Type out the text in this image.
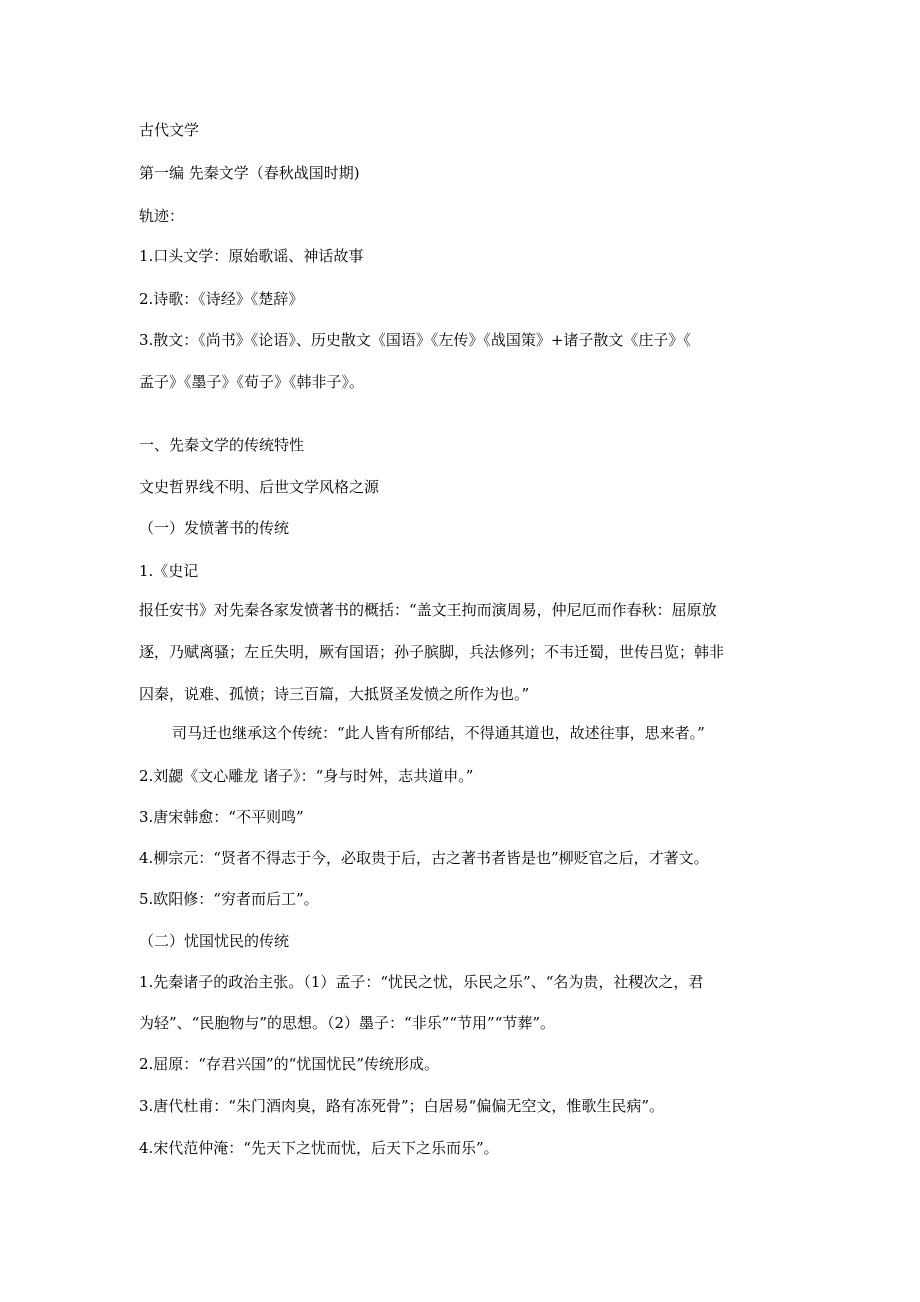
古代文学
第一编 先秦文学（春秋战国时期)
轨迹：
1.口头文学：原始歌谣、神话故事
2.诗歌：《诗经》《楚辞》
3.散文：《尚书》《论语》、历史散文《国语》《左传》《战国策》+诸子散文《庄子》《
孟子》《墨子》《荀子》《韩非子》。
一、先秦文学的传统特性
文史哲界线不明、后世文学风格之源
（一）发愤著书的传统
1.《史记
报任安书》对先秦各家发愤著书的概括：“盖文王拘而演周易，仲尼厄而作春秋：屈原放
逐，乃赋离骚；左丘失明，厥有国语；孙子膑脚，兵法修列；不韦迁蜀，世传吕览；韩非
囚秦，说难、孤愤；诗三百篇，大抵贤圣发愤之所作为也。”
司马迁也继承这个传统：“此人皆有所郁结，不得通其道也，故述往事，思来者。”
2.刘勰《文心雕龙 诸子》：“身与时舛，志共道申。”
3.唐宋韩愈：“不平则鸣”
4.柳宗元：“贤者不得志于今，必取贵于后，古之著书者皆是也”柳贬官之后，才著文。
5.欧阳修：“穷者而后工”。
（二）忧国忧民的传统
1.先秦诸子的政治主张。（1）孟子：“忧民之忧，乐民之乐”、“名为贵，社稷次之，君
为轻”、“民胞物与”的思想。（2）墨子：“非乐”“节用”“节葬”。
2.屈原：“存君兴国”的“忧国忧民”传统形成。
3.唐代杜甫：“朱门酒肉臭，路有冻死骨”；白居易“偏偏无空文，惟歌生民病”。
4.宋代范仲淹：“先天下之忧而忧，后天下之乐而乐”。
